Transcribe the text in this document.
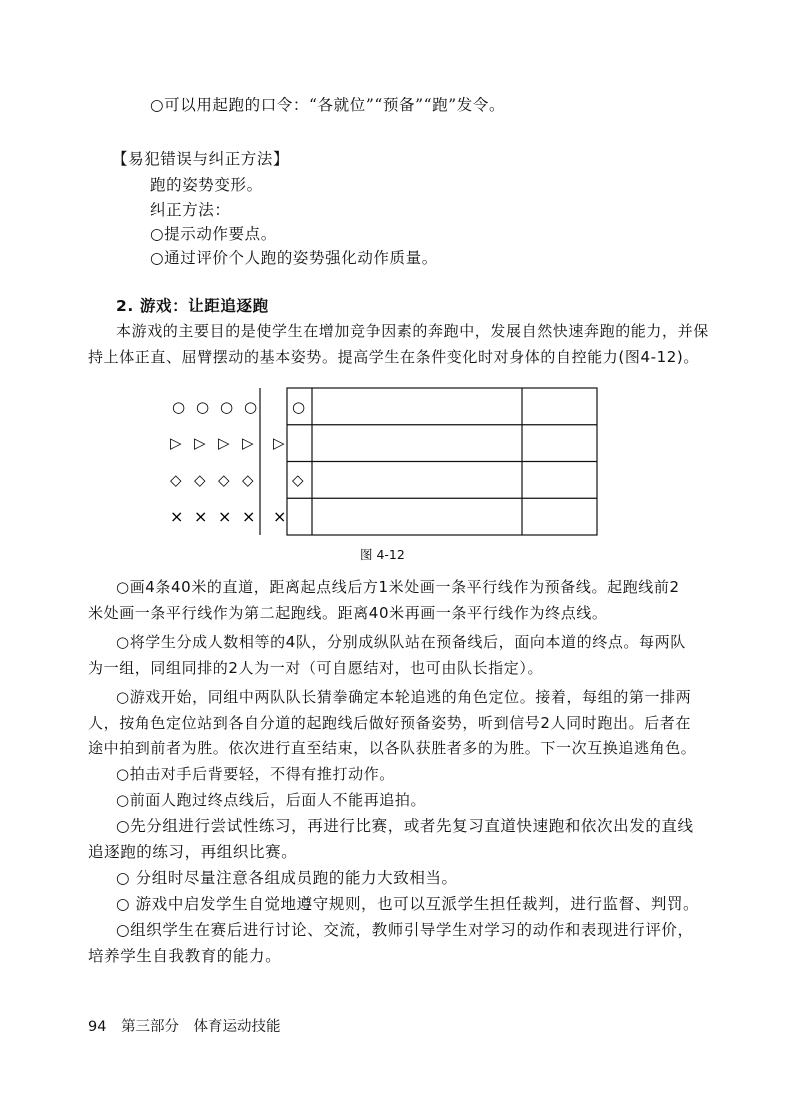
○可以用起跑的口令：“各就位”“预备”“跑”发令。
【易犯错误与纠正方法】
跑的姿势变形。
纠正方法：
○提示动作要点。
○通过评价个人跑的姿势强化动作质量。
2. 游戏：让距追逐跑
本游戏的主要目的是使学生在增加竞争因素的奔跑中，发展自然快速奔跑的能力，并保
持上体正直、屈臂摆动的基本姿势。提高学生在条件变化时对身体的自控能力(图4-12)。
○ ○ ○ ○ ○
▷ ▷ ▷ ▷ ▷
◇ ◇ ◇ ◇	◇
× × × × ×
图 4-12
○画4条40米的直道，距离起点线后方1米处画一条平行线作为预备线。起跑线前2
米处画一条平行线作为第二起跑线。距离40米再画一条平行线作为终点线。
○将学生分成人数相等的4队，分别成纵队站在预备线后，面向本道的终点。每两队
为一组，同组同排的2人为一对（可自愿结对，也可由队长指定）。
○游戏开始，同组中两队队长猜拳确定本轮追逃的角色定位。接着，每组的第一排两
人，按角色定位站到各自分道的起跑线后做好预备姿势，听到信号2人同时跑出。后者在
途中拍到前者为胜。依次进行直至结束，以各队获胜者多的为胜。下一次互换追逃角色。
○拍击对手后背要轻，不得有推打动作。
○前面人跑过终点线后，后面人不能再追拍。
○先分组进行尝试性练习，再进行比赛，或者先复习直道快速跑和依次出发的直线
追逐跑的练习，再组织比赛。
○ 分组时尽量注意各组成员跑的能力大致相当。
○ 游戏中启发学生自觉地遵守规则，也可以互派学生担任裁判，进行监督、判罚。
○组织学生在赛后进行讨论、交流，教师引导学生对学习的动作和表现进行评价，
培养学生自我教育的能力。
94 第三部分　体育运动技能
